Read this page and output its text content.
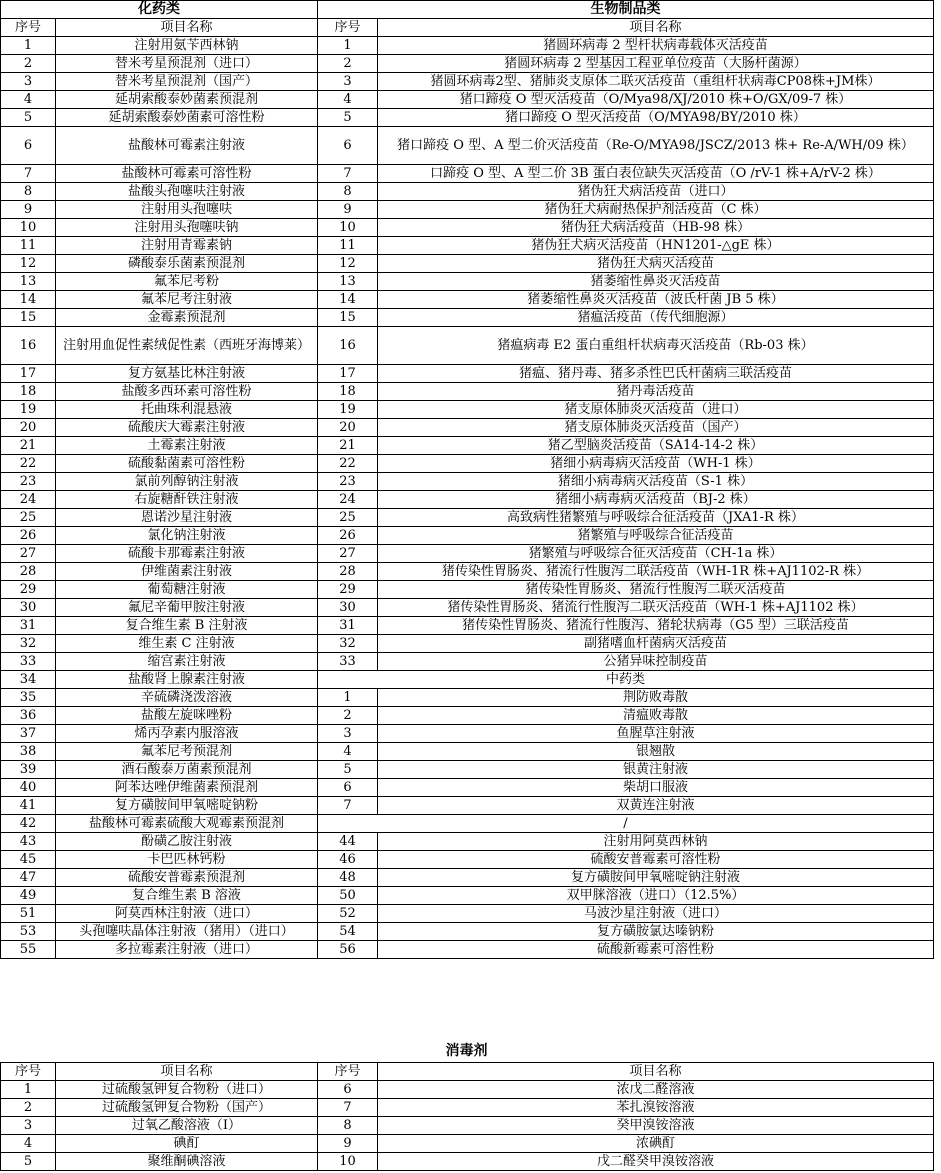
化药类		生物制品类	
序号	项目名称	序号	项目名称
1	注射用氨苄西林钠	1	猪圆环病毒 2 型杆状病毒载体灭活疫苗
2	替米考星预混剂（进口）	2	猪圆环病毒 2 型基因工程亚单位疫苗（大肠杆菌源）
3	替米考星预混剂（国产）	3	猪圆环病毒2型、猪肺炎支原体二联灭活疫苗（重组杆状病毒CP08株+JM株）
4	延胡索酸泰妙菌素预混剂	4	猪口蹄疫 O 型灭活疫苗（O/Mya98/XJ/2010 株+O/GX/09-7 株）
5	延胡索酸泰妙菌素可溶性粉	5	猪口蹄疫 O 型灭活疫苗（O/MYA98/BY/2010 株）
6	盐酸林可霉素注射液	6	猪口蹄疫 O 型、A 型二价灭活疫苗（Re-O/MYA98/JSCZ/2013 株+ Re-A/WH/09 株）
7	盐酸林可霉素可溶性粉	7	口蹄疫 O 型、A 型二价 3B 蛋白表位缺失灭活疫苗（O /rV-1 株+A/rV-2 株）
8	盐酸头孢噻呋注射液	8	猪伪狂犬病活疫苗（进口）
9	注射用头孢噻呋	9	猪伪狂犬病耐热保护剂活疫苗（C 株）
10	注射用头孢噻呋钠	10	猪伪狂犬病活疫苗（HB-98 株）
11	注射用青霉素钠	11	猪伪狂犬病灭活疫苗（HN1201-△gE 株）
12	磷酸泰乐菌素预混剂	12	猪伪狂犬病灭活疫苗
13	氟苯尼考粉	13	猪萎缩性鼻炎灭活疫苗
14	氟苯尼考注射液	14	猪萎缩性鼻炎灭活疫苗（波氏杆菌 JB 5 株）
15	金霉素预混剂	15	猪瘟活疫苗（传代细胞源）
16	注射用血促性素绒促性素（西班牙海博莱）	16	猪瘟病毒 E2 蛋白重组杆状病毒灭活疫苗（Rb-03 株）
17	复方氨基比林注射液	17	猪瘟、猪丹毒、猪多杀性巴氏杆菌病三联活疫苗
18	盐酸多西环素可溶性粉	18	猪丹毒活疫苗
19	托曲珠利混悬液	19	猪支原体肺炎灭活疫苗（进口）
20	硫酸庆大霉素注射液	20	猪支原体肺炎灭活疫苗（国产）
21	土霉素注射液	21	猪乙型脑炎活疫苗（SA14-14-2 株）
22	硫酸黏菌素可溶性粉	22	猪细小病毒病灭活疫苗（WH-1 株）
23	氯前列醇钠注射液	23	猪细小病毒病灭活疫苗（S-1 株）
24	右旋糖酐铁注射液	24	猪细小病毒病灭活疫苗（BJ-2 株）
25	恩诺沙星注射液	25	高致病性猪繁殖与呼吸综合征活疫苗（JXA1-R 株）
26	氯化钠注射液	26	猪繁殖与呼吸综合征活疫苗
27	硫酸卡那霉素注射液	27	猪繁殖与呼吸综合征灭活疫苗（CH-1a 株）
28	伊维菌素注射液	28	猪传染性胃肠炎、猪流行性腹泻二联活疫苗（WH-1R 株+AJ1102-R 株）
29	葡萄糖注射液	29	猪传染性胃肠炎、猪流行性腹泻二联灭活疫苗
30	氟尼辛葡甲胺注射液	30	猪传染性胃肠炎、猪流行性腹泻二联灭活疫苗（WH-1 株+AJ1102 株）
31	复合维生素 B 注射液	31	猪传染性胃肠炎、猪流行性腹泻、猪轮状病毒（G5 型）三联活疫苗
32	维生素 C 注射液	32	副猪嗜血杆菌病灭活疫苗
33	缩宫素注射液	33	公猪异味控制疫苗
34	盐酸肾上腺素注射液	中药类	
35	辛硫磷浇泼溶液	1	荆防败毒散
36	盐酸左旋咪唑粉	2	清瘟败毒散
37	烯丙孕素内服溶液	3	鱼腥草注射液
38	氟苯尼考预混剂	4	银翘散
39	酒石酸泰万菌素预混剂	5	银黄注射液
40	阿苯达唑伊维菌素预混剂	6	柴胡口服液
41	复方磺胺间甲氧嘧啶钠粉	7	双黄连注射液
42	盐酸林可霉素硫酸大观霉素预混剂	/	
43	酚磺乙胺注射液	44	注射用阿莫西林钠
45	卡巴匹林钙粉	46	硫酸安普霉素可溶性粉
47	硫酸安普霉素预混剂	48	复方磺胺间甲氧嘧啶钠注射液
49	复合维生素 B 溶液	50	双甲脒溶液（进口）（12.5%）
51	阿莫西林注射液（进口）	52	马波沙星注射液（进口）
53	头孢噻呋晶体注射液（猪用）（进口）	54	复方磺胺氯达嗪钠粉
55	多拉霉素注射液（进口）	56	硫酸新霉素可溶性粉
消毒剂
序号	项目名称	序号	项目名称
1	过硫酸氢钾复合物粉（进口）	6	浓戊二醛溶液
2	过硫酸氢钾复合物粉（国产）	7	苯扎溴铵溶液
3	过氧乙酸溶液（Ⅰ）	8	癸甲溴铵溶液
4	碘酊	9	浓碘酊
5	聚维酮碘溶液	10	戊二醛癸甲溴铵溶液
